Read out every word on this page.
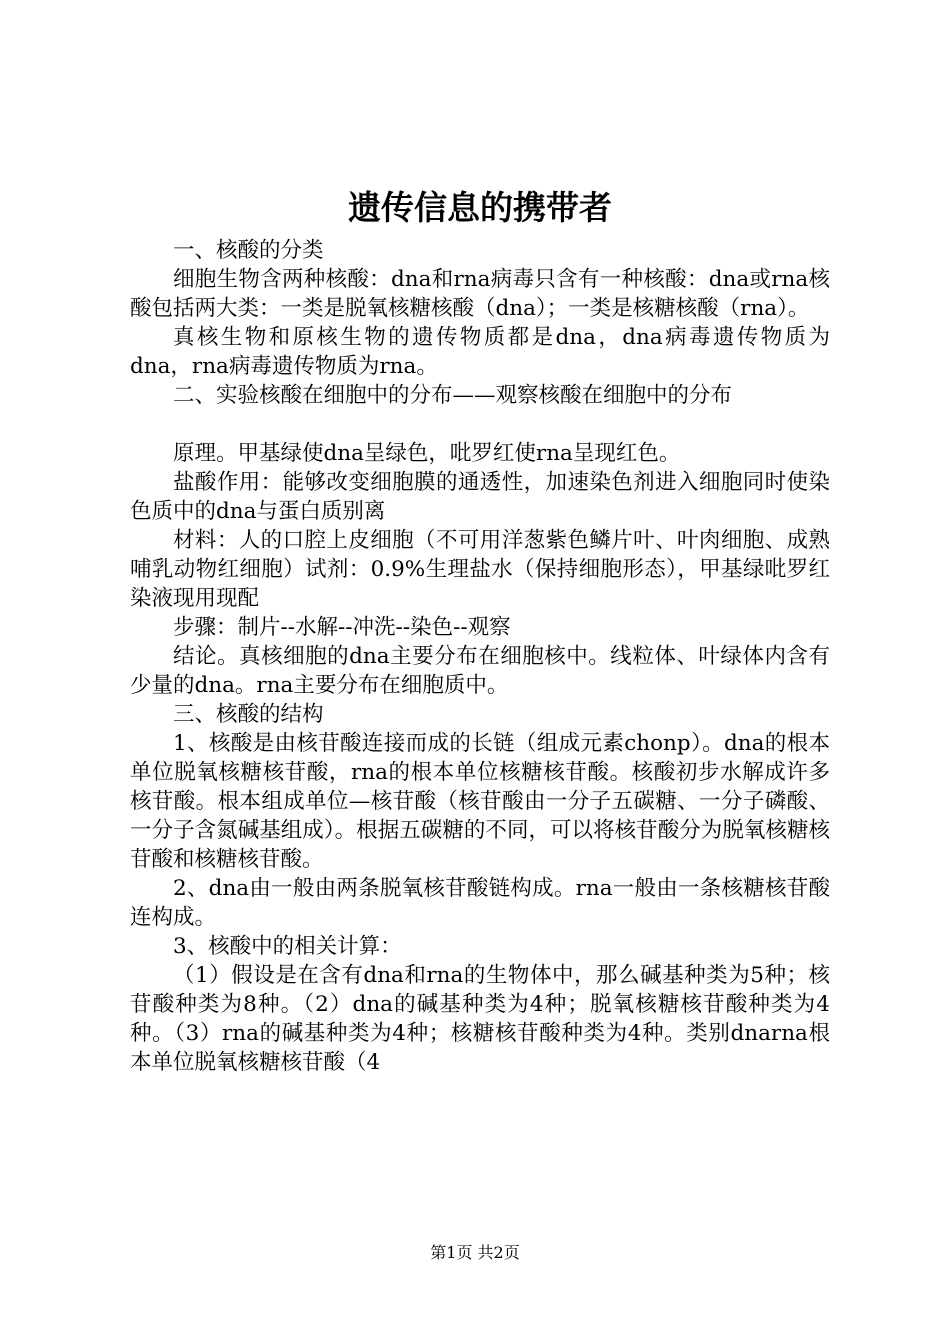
遗传信息的携带者

一、核酸的分类

细胞生物含两种核酸：dna和rna病毒只含有一种核酸：dna或rna核酸包括两大类：一类是脱氧核糖核酸（dna）；一类是核糖核酸（rna）。

真核生物和原核生物的遗传物质都是dna，dna病毒遗传物质为dna，rna病毒遗传物质为rna。

二、实验核酸在细胞中的分布——观察核酸在细胞中的分布

原理。甲基绿使dna呈绿色，吡罗红使rna呈现红色。

盐酸作用：能够改变细胞膜的通透性，加速染色剂进入细胞同时使染色质中的dna与蛋白质别离

材料：人的口腔上皮细胞（不可用洋葱紫色鳞片叶、叶肉细胞、成熟哺乳动物红细胞）试剂：0.9%生理盐水（保持细胞形态），甲基绿吡罗红染液现用现配

步骤：制片--水解--冲洗--染色--观察

结论。真核细胞的dna主要分布在细胞核中。线粒体、叶绿体内含有少量的dna。rna主要分布在细胞质中。

三、核酸的结构

1、核酸是由核苷酸连接而成的长链（组成元素chonp）。dna的根本单位脱氧核糖核苷酸，rna的根本单位核糖核苷酸。核酸初步水解成许多核苷酸。根本组成单位—核苷酸（核苷酸由一分子五碳糖、一分子磷酸、一分子含氮碱基组成）。根据五碳糖的不同，可以将核苷酸分为脱氧核糖核苷酸和核糖核苷酸。

2、dna由一般由两条脱氧核苷酸链构成。rna一般由一条核糖核苷酸连构成。

3、核酸中的相关计算：

（1）假设是在含有dna和rna的生物体中，那么碱基种类为5种；核苷酸种类为8种。（2）dna的碱基种类为4种；脱氧核糖核苷酸种类为4种。（3）rna的碱基种类为4种；核糖核苷酸种类为4种。类别dnarna根本单位脱氧核糖核苷酸（4

第1页 共2页
